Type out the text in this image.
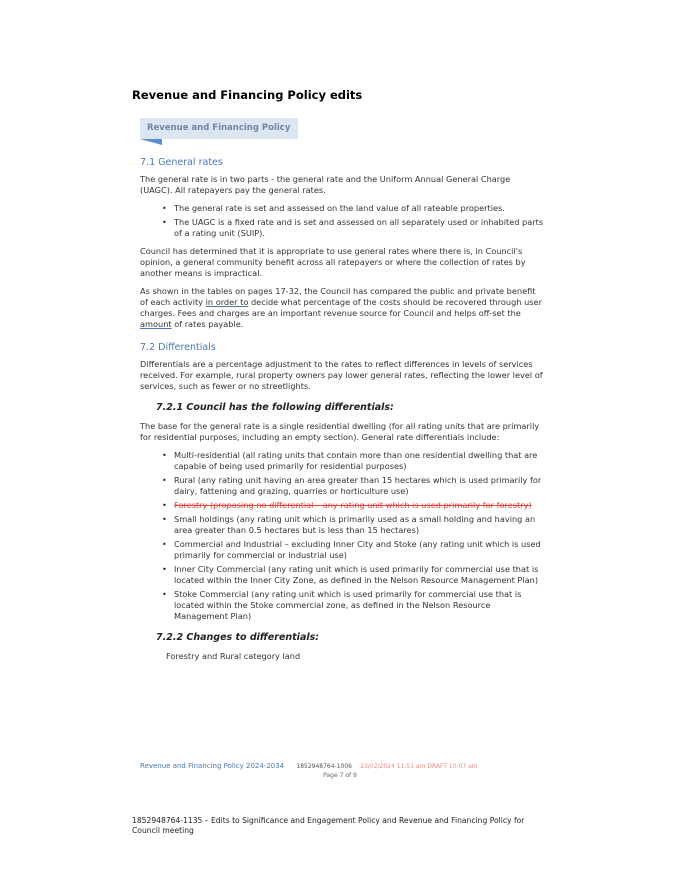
Revenue and Financing Policy edits
Revenue and Financing Policy
7.1 General rates

The general rate is in two parts - the general rate and the Uniform Annual General Charge (UAGC). All ratepayers pay the general rates.

• The general rate is set and assessed on the land value of all rateable properties.
• The UAGC is a fixed rate and is set and assessed on all separately used or inhabited parts of a rating unit (SUIP).

Council has determined that it is appropriate to use general rates where there is, in Council's opinion, a general community benefit across all ratepayers or where the collection of rates by another means is impractical.

As shown in the tables on pages 17-32, the Council has compared the public and private benefit of each activity in order to decide what percentage of the costs should be recovered through user charges. Fees and charges are an important revenue source for Council and helps off-set the amount of rates payable.

7.2 Differentials

Differentials are a percentage adjustment to the rates to reflect differences in levels of services received. For example, rural property owners pay lower general rates, reflecting the lower level of services, such as fewer or no streetlights.

7.2.1 Council has the following differentials:

The base for the general rate is a single residential dwelling (for all rating units that are primarily for residential purposes, including an empty section). General rate differentials include:

• Multi-residential (all rating units that contain more than one residential dwelling that are capable of being used primarily for residential purposes)
• Rural (any rating unit having an area greater than 15 hectares which is used primarily for dairy, fattening and grazing, quarries or horticulture use)
• Forestry (proposing no differential – any rating unit which is used primarily for forestry)
• Small holdings (any rating unit which is primarily used as a small holding and having an area greater than 0.5 hectares but is less than 15 hectares)
• Commercial and Industrial – excluding Inner City and Stoke (any rating unit which is used primarily for commercial or industrial use)
• Inner City Commercial (any rating unit which is used primarily for commercial use that is located within the Inner City Zone, as defined in the Nelson Resource Management Plan)
• Stoke Commercial (any rating unit which is used primarily for commercial use that is located within the Stoke commercial zone, as defined in the Nelson Resource Management Plan)
7.2.2 Changes to differentials:
Forestry and Rural category land
Revenue and Financing Policy 2024-2034 1852948764-1006 23/02/2024 11:51 am DRAFT 10:07 am
Page 7 of 9
1852948764-1135 – Edits to Significance and Engagement Policy and Revenue and Financing Policy for Council meeting
